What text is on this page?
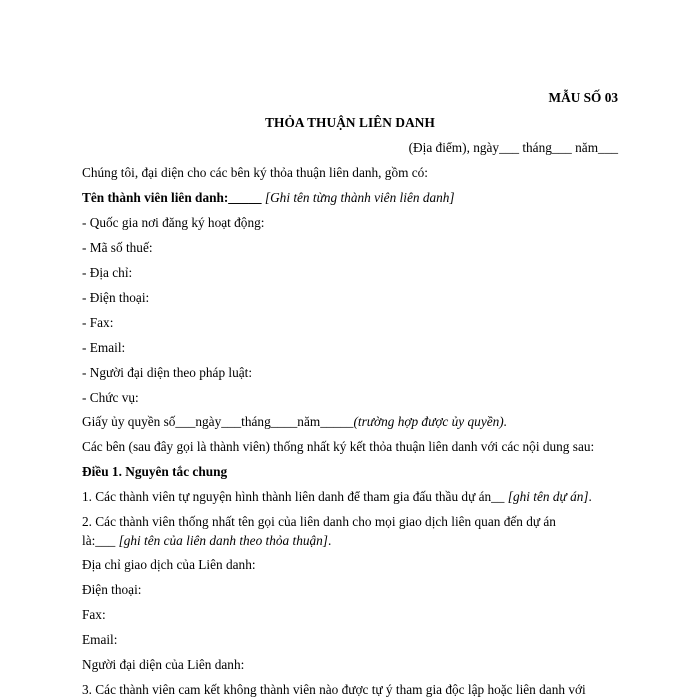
MẪU SỐ 03
THỎA THUẬN LIÊN DANH
(Địa điểm), ngày___ tháng___ năm___
Chúng tôi, đại diện cho các bên ký thỏa thuận liên danh, gồm có:
Tên thành viên liên danh:_____ [Ghi tên từng thành viên liên danh]
- Quốc gia nơi đăng ký hoạt động:
- Mã số thuế:
- Địa chỉ:
- Điện thoại:
- Fax:
- Email:
- Người đại diện theo pháp luật:
- Chức vụ:
Giấy ủy quyền số___ngày___tháng____năm_____(trường hợp được ủy quyền).
Các bên (sau đây gọi là thành viên) thống nhất ký kết thỏa thuận liên danh với các nội dung sau:
Điều 1. Nguyên tắc chung
1. Các thành viên tự nguyện hình thành liên danh để tham gia đấu thầu dự án__ [ghi tên dự án].
2. Các thành viên thống nhất tên gọi của liên danh cho mọi giao dịch liên quan đến dự án
là:___ [ghi tên của liên danh theo thỏa thuận].
Địa chỉ giao dịch của Liên danh:
Điện thoại:
Fax:
Email:
Người đại diện của Liên danh:
3. Các thành viên cam kết không thành viên nào được tự ý tham gia độc lập hoặc liên danh với
